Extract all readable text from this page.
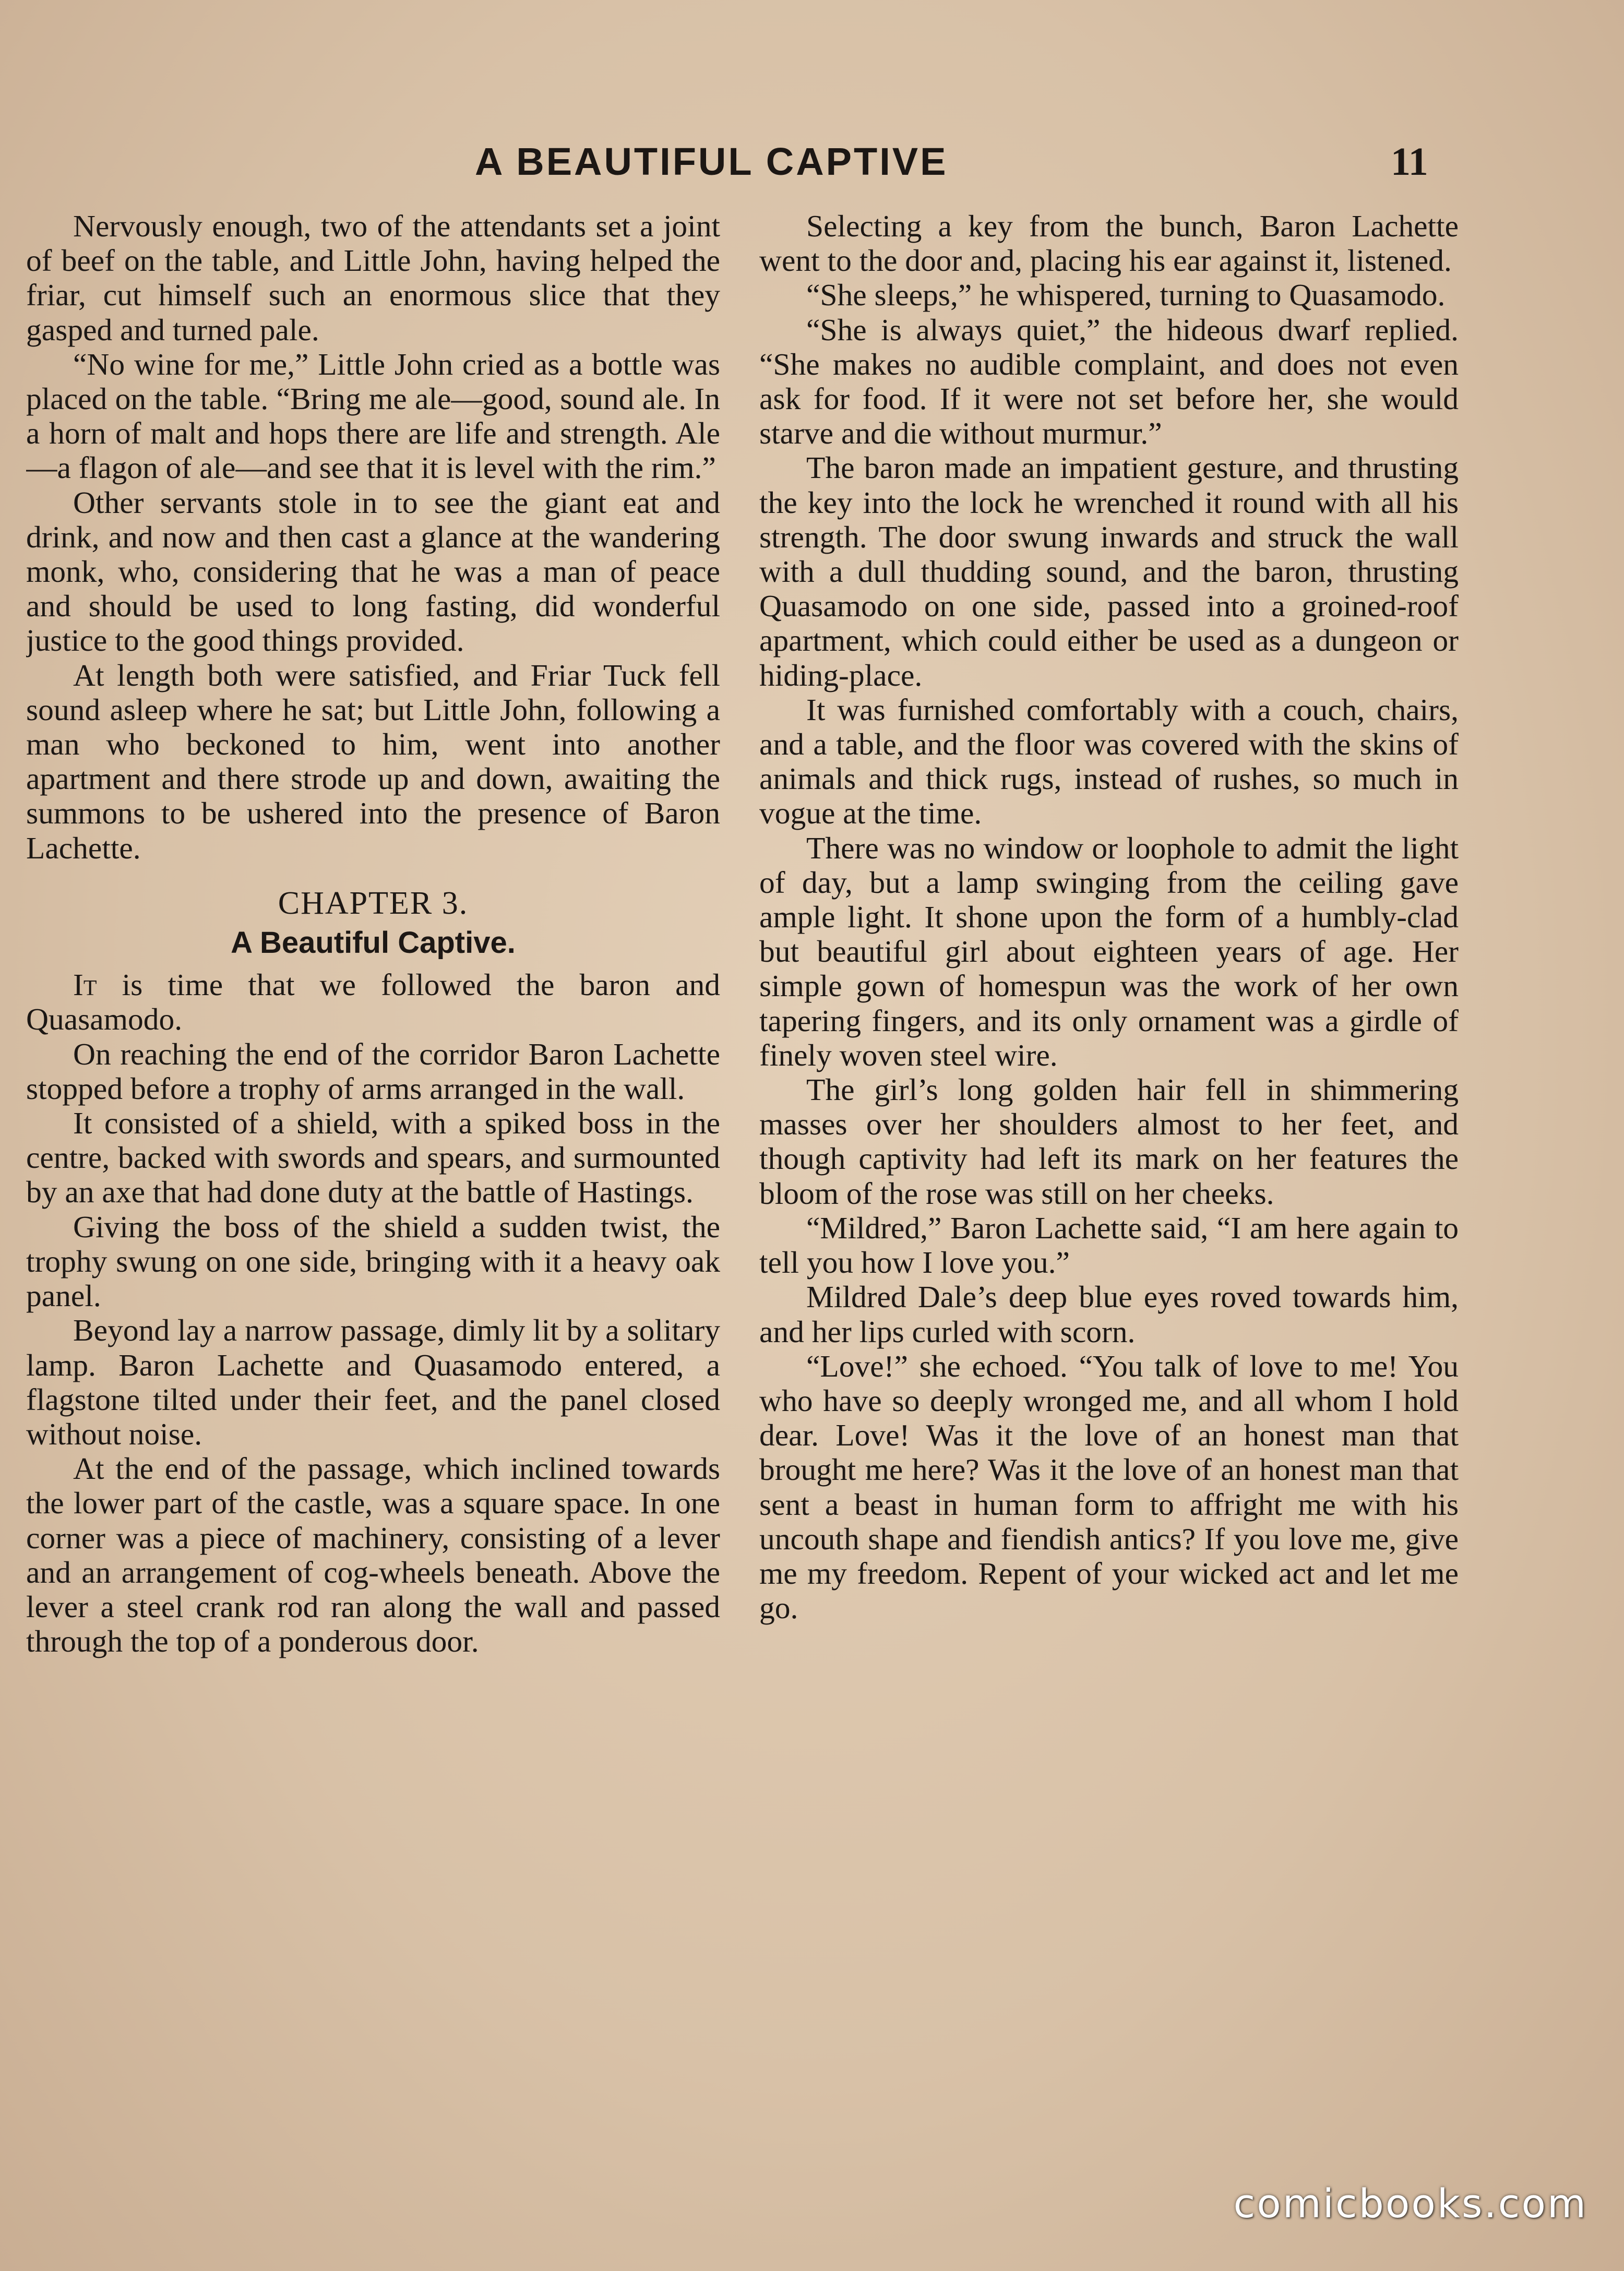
A BEAUTIFUL CAPTIVE	11

Nervously enough, two of the attendants set a joint of beef on the table, and Little John, having helped the friar, cut himself such an enormous slice that they gasped and turned pale.

“No wine for me,” Little John cried as a bottle was placed on the table. “Bring me ale—good, sound ale. In a horn of malt and hops there are life and strength. Ale—a flagon of ale—and see that it is level with the rim.”

Other servants stole in to see the giant eat and drink, and now and then cast a glance at the wandering monk, who, considering that he was a man of peace and should be used to long fasting, did wonderful justice to the good things provided.

At length both were satisfied, and Friar Tuck fell sound asleep where he sat; but Little John, following a man who beckoned to him, went into another apartment and there strode up and down, awaiting the summons to be ushered into the presence of Baron Lachette.

CHAPTER 3.
A Beautiful Captive.

It is time that we followed the baron and Quasamodo.

On reaching the end of the corridor Baron Lachette stopped before a trophy of arms arranged in the wall.

It consisted of a shield, with a spiked boss in the centre, backed with swords and spears, and surmounted by an axe that had done duty at the battle of Hastings.

Giving the boss of the shield a sudden twist, the trophy swung on one side, bringing with it a heavy oak panel.

Beyond lay a narrow passage, dimly lit by a solitary lamp. Baron Lachette and Quasamodo entered, a flagstone tilted under their feet, and the panel closed without noise.

At the end of the passage, which inclined towards the lower part of the castle, was a square space. In one corner was a piece of machinery, consisting of a lever and an arrangement of cog-wheels beneath. Above the lever a steel crank rod ran along the wall and passed through the top of a ponderous door.

Selecting a key from the bunch, Baron Lachette went to the door and, placing his ear against it, listened.

“She sleeps,” he whispered, turning to Quasamodo.

“She is always quiet,” the hideous dwarf replied. “She makes no audible complaint, and does not even ask for food. If it were not set before her, she would starve and die without murmur.”

The baron made an impatient gesture, and thrusting the key into the lock he wrenched it round with all his strength. The door swung inwards and struck the wall with a dull thudding sound, and the baron, thrusting Quasamodo on one side, passed into a groined-roof apartment, which could either be used as a dungeon or hiding-place.

It was furnished comfortably with a couch, chairs, and a table, and the floor was covered with the skins of animals and thick rugs, instead of rushes, so much in vogue at the time.

There was no window or loophole to admit the light of day, but a lamp swinging from the ceiling gave ample light. It shone upon the form of a humbly-clad but beautiful girl about eighteen years of age. Her simple gown of homespun was the work of her own tapering fingers, and its only ornament was a girdle of finely woven steel wire.

The girl’s long golden hair fell in shimmering masses over her shoulders almost to her feet, and though captivity had left its mark on her features the bloom of the rose was still on her cheeks.

“Mildred,” Baron Lachette said, “I am here again to tell you how I love you.”

Mildred Dale’s deep blue eyes roved towards him, and her lips curled with scorn.

“Love!” she echoed. “You talk of love to me! You who have so deeply wronged me, and all whom I hold dear. Love! Was it the love of an honest man that brought me here? Was it the love of an honest man that sent a beast in human form to affright me with his uncouth shape and fiendish antics? If you love me, give me my freedom. Repent of your wicked act and let me go.

comicbooks.com
